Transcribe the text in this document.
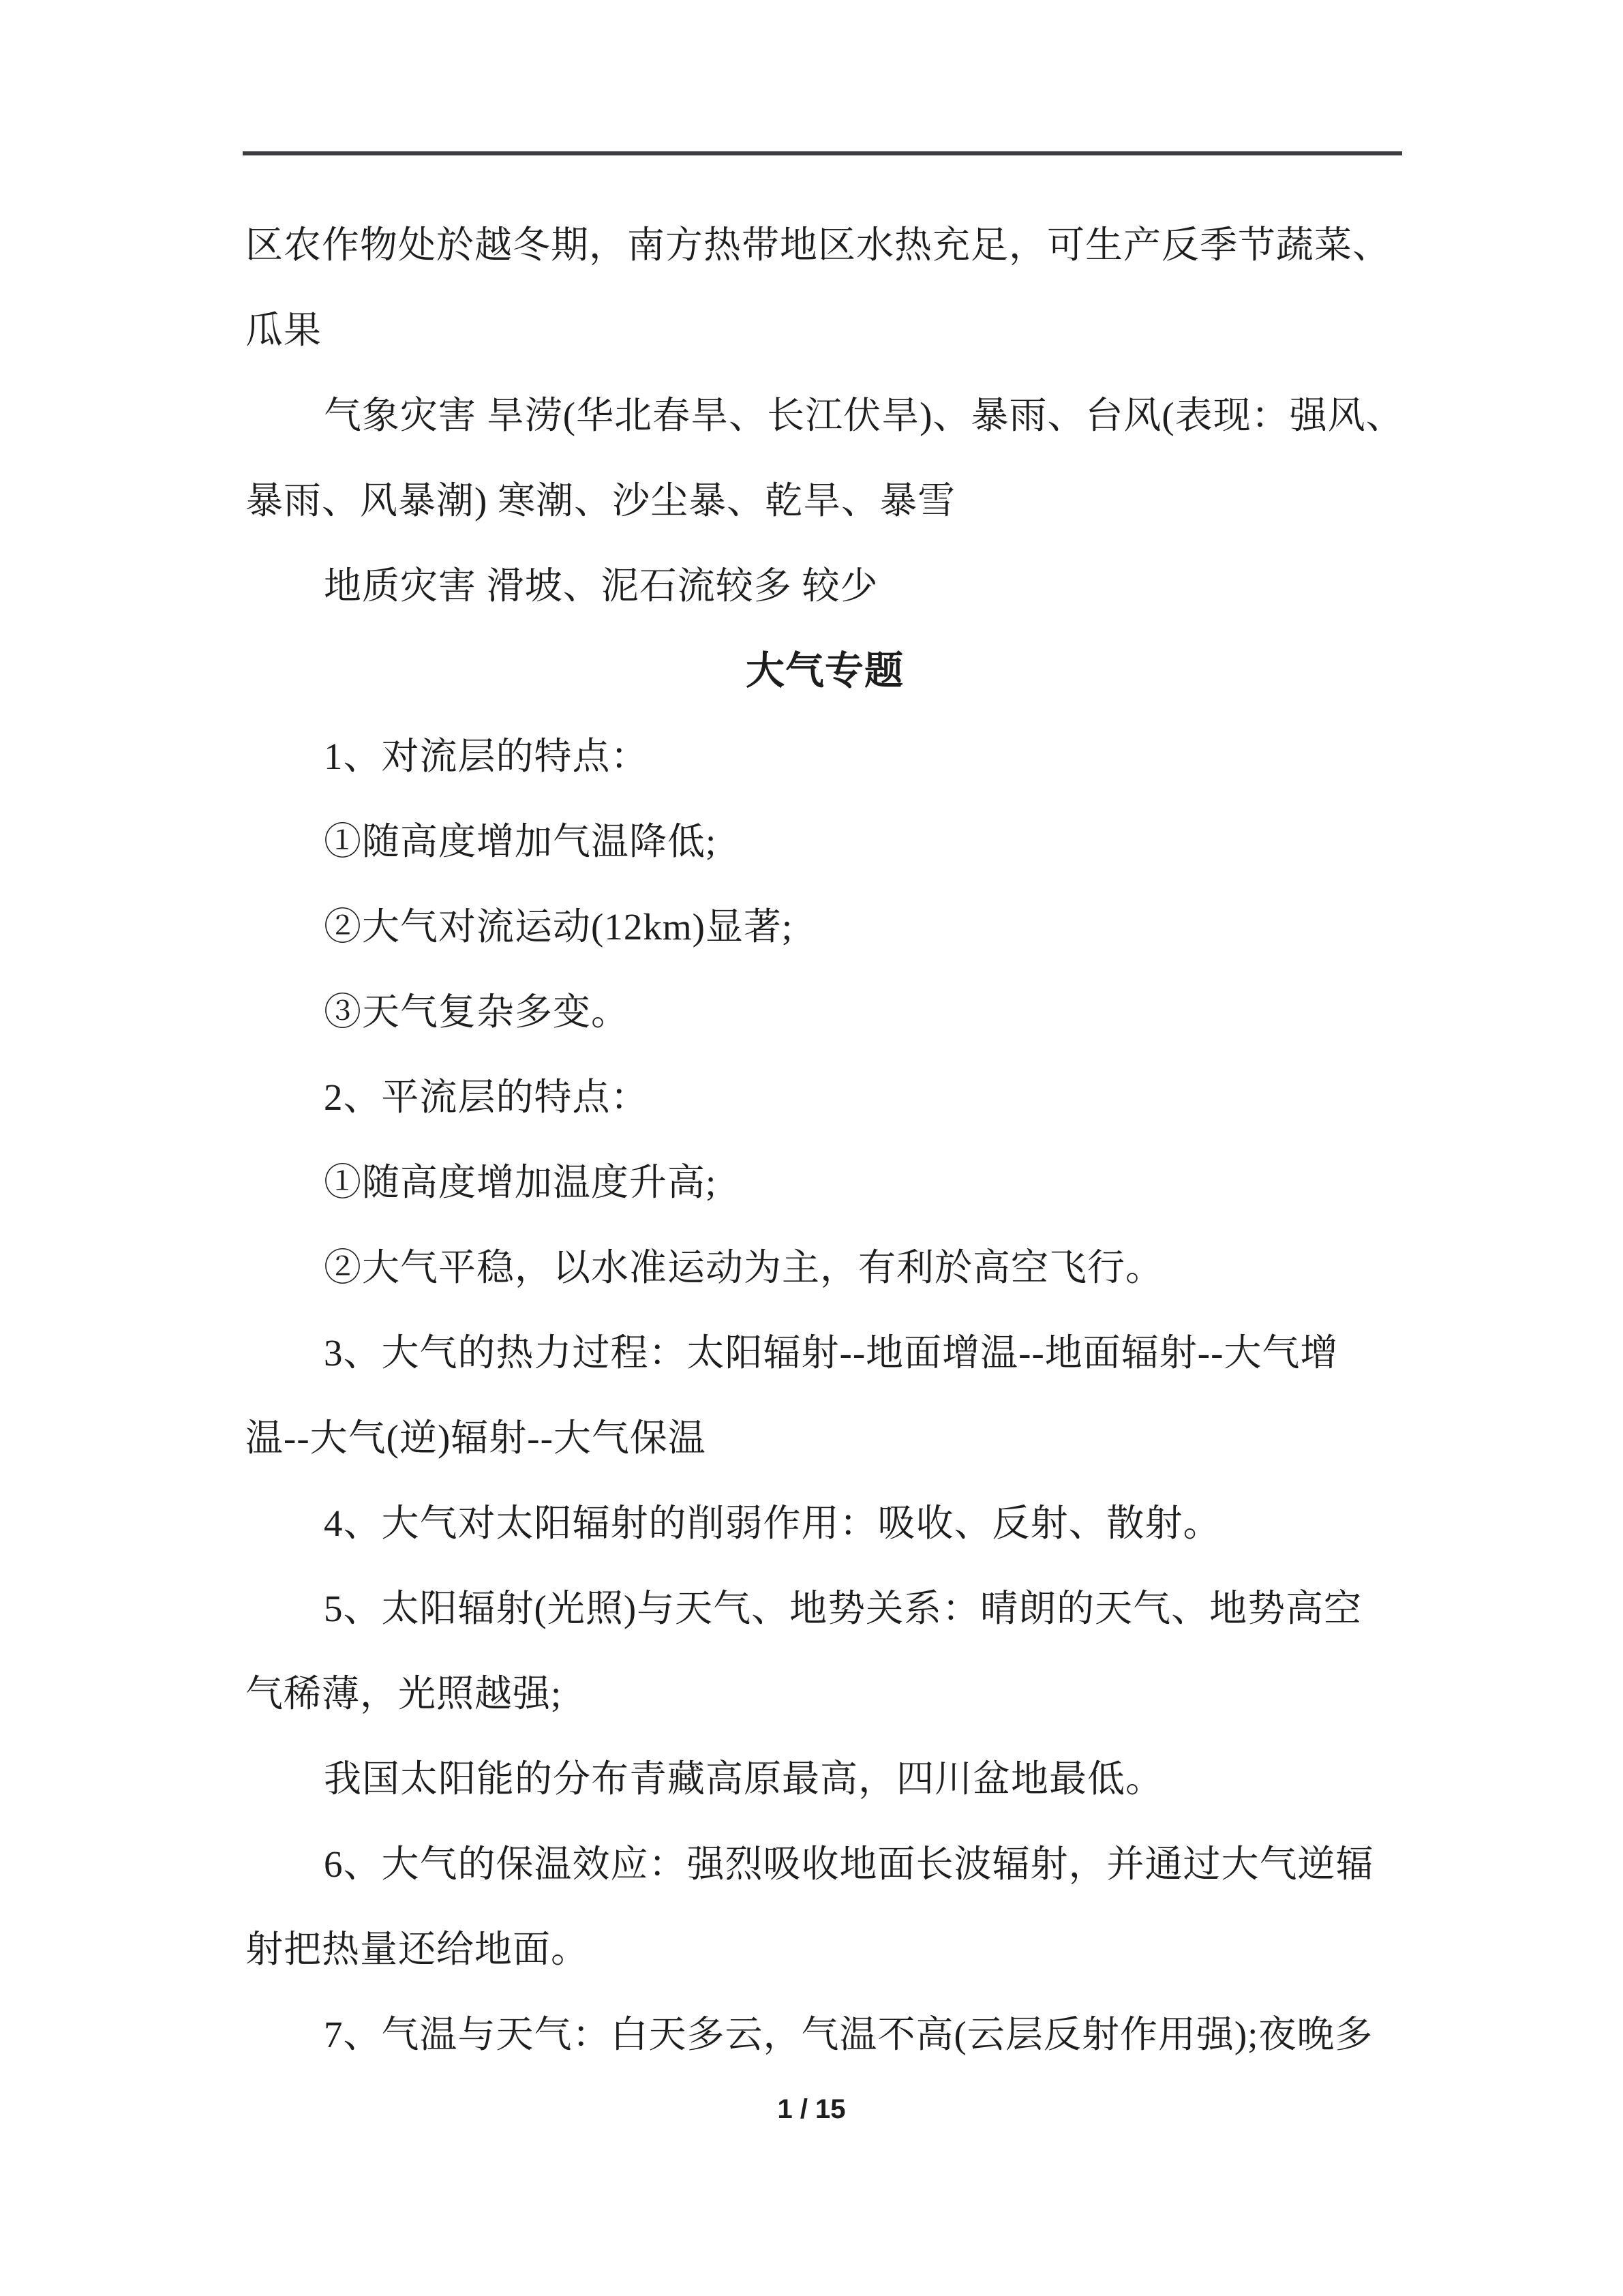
区农作物处於越冬期，南方热带地区水热充足，可生产反季节蔬菜、
瓜果
气象灾害 旱涝(华北春旱、长江伏旱)、暴雨、台风(表现：强风、
暴雨、风暴潮) 寒潮、沙尘暴、乾旱、暴雪
地质灾害 滑坡、泥石流较多 较少
大气专题
1、对流层的特点：
①随高度增加气温降低;
②大气对流运动(12km)显著;
③天气复杂多变。
2、平流层的特点：
①随高度增加温度升高;
②大气平稳，以水准运动为主，有利於高空飞行。
3、大气的热力过程：太阳辐射--地面增温--地面辐射--大气增
温--大气(逆)辐射--大气保温
4、大气对太阳辐射的削弱作用：吸收、反射、散射。
5、太阳辐射(光照)与天气、地势关系：晴朗的天气、地势高空
气稀薄，光照越强;
我国太阳能的分布青藏高原最高，四川盆地最低。
6、大气的保温效应：强烈吸收地面长波辐射，并通过大气逆辐
射把热量还给地面。
7、气温与天气：白天多云，气温不高(云层反射作用强);夜晚多
1 / 15
